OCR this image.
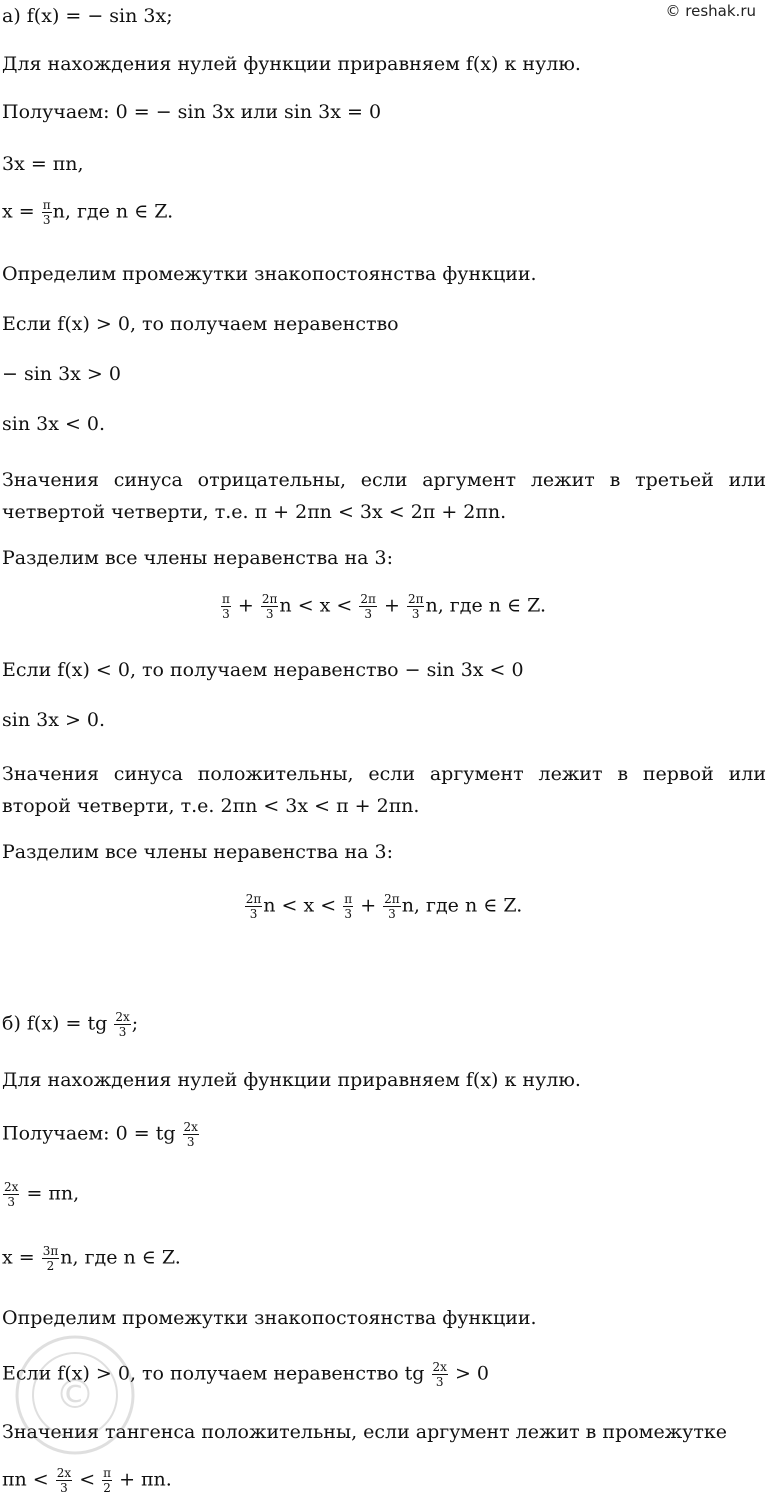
© reshak.ru
а) f(x) = − sin 3x;
Для нахождения нулей функции приравняем f(x) к нулю.
Получаем: 0 = − sin 3x или sin 3x = 0
3x = πn,
$x = \frac{\pi}{3} n$, где n ∈ Z.
Определим промежутки знакопостоянства функции.
Если f(x) > 0, то получаем неравенство
− sin 3x > 0
sin 3x < 0.
Значения синуса отрицательны, если аргумент лежит в третьей или четвертой четверти, т.е. π + 2πn < 3x < 2π + 2πn.
Разделим все члены неравенства на 3:
$\frac{\pi}{3} + \frac{2\pi}{3}$ $n < x < \frac{2\pi}{3} + \frac{2\pi}{3} n$, где n ∈ Z.
Если f(x) < 0, то получаем неравенство − sin 3x < 0
sin 3x > 0.
Значения синуса положительны, если аргумент лежит в первой или второй четверти, т.е. 2πn < 3x < π + 2πn.
Разделим все члены неравенства на 3:
$\frac{2\pi}{3}$ $n < x < \frac{\pi}{3} + \frac{2\pi}{3} n$, где n ∈ Z.
б) f(x) = tg $\frac{2x}{3}$ ;
Для нахождения нулей функции приравняем f(x) к нулю.
Получаем: 0 = tg $\frac{2x}{3}$
$\frac{2x}{3} = \pi n$,
$x = \frac{3\pi}{2} n$, где n ∈ Z.
Определим промежутки знакопостоянства функции.
Если f(x) > 0, то получаем неравенство tg $\frac{2x}{3} > 0$
Значения тангенса положительны, если аргумент лежит в промежутке
$\pi n < \frac{2x}{3} < \frac{\pi}{2} + \pi n$.
©
